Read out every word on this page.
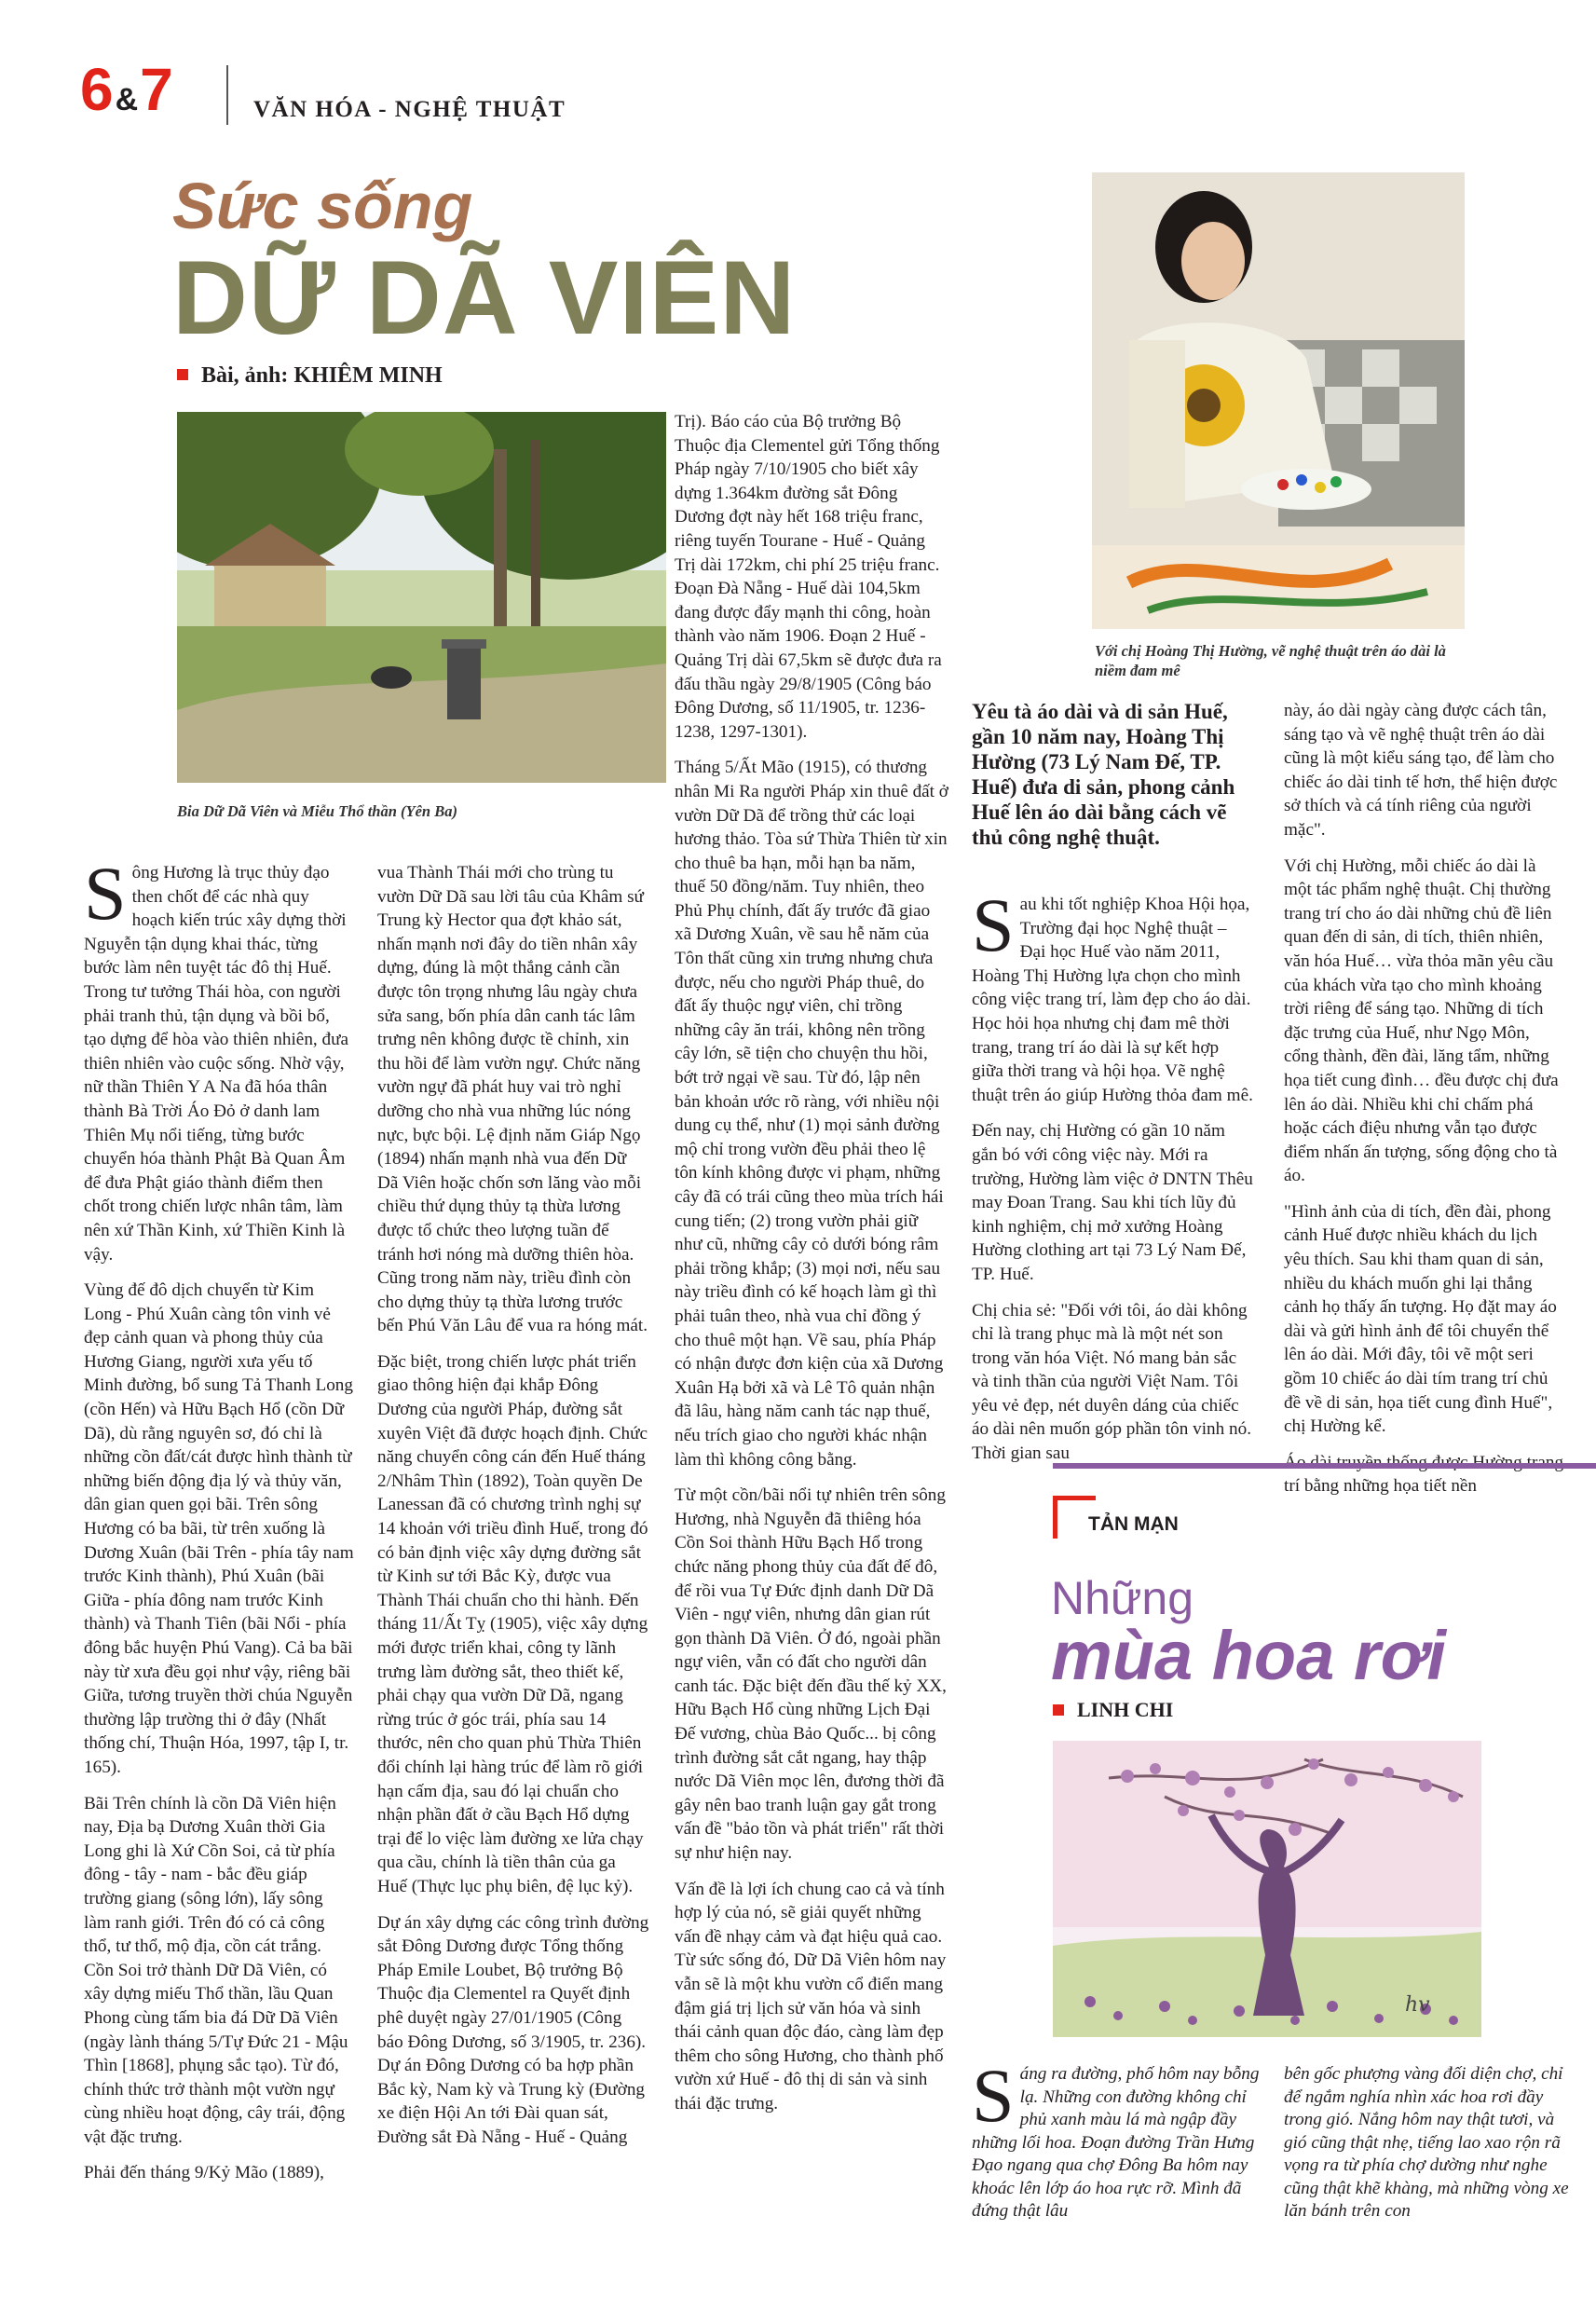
6&7	VĂN HÓA - NGHỆ THUẬT
Sức sống
DỮ DÃ VIÊN
Bài, ảnh: KHIÊM MINH
Bia Dữ Dã Viên và Miễu Thổ thần (Yên Ba)

Sông Hương là trục thủy đạo then chốt để các nhà quy hoạch kiến trúc xây dựng thời Nguyễn tận dụng khai thác, từng bước làm nên tuyệt tác đô thị Huế. Trong tư tưởng Thái hòa, con người phải tranh thủ, tận dụng và bồi bổ, tạo dựng để hòa vào thiên nhiên, đưa thiên nhiên vào cuộc sống. Nhờ vậy, nữ thần Thiên Y A Na đã hóa thân thành Bà Trời Áo Đỏ ở danh lam Thiên Mụ nổi tiếng, từng bước chuyển hóa thành Phật Bà Quan Âm để đưa Phật giáo thành điểm then chốt trong chiến lược nhân tâm, làm nên xứ Thần Kinh, xứ Thiền Kinh là vậy.

Vùng đế đô dịch chuyển từ Kim Long - Phú Xuân càng tôn vinh vẻ đẹp cảnh quan và phong thủy của Hương Giang, người xưa yếu tố Minh đường, bổ sung Tả Thanh Long (cồn Hến) và Hữu Bạch Hổ (cồn Dữ Dã), dù rằng nguyên sơ, đó chỉ là những cồn đất/cát được hình thành từ những biến động địa lý và thủy văn, dân gian quen gọi bãi. Trên sông Hương có ba bãi, từ trên xuống là Dương Xuân (bãi Trên - phía tây nam trước Kinh thành), Phú Xuân (bãi Giữa - phía đông nam trước Kinh thành) và Thanh Tiên (bãi Nổi - phía đông bắc huyện Phú Vang). Cả ba bãi này từ xưa đều gọi như vậy, riêng bãi Giữa, tương truyền thời chúa Nguyễn thường lập trường thi ở đây (Nhất thống chí, Thuận Hóa, 1997, tập I, tr. 165).

Bãi Trên chính là cồn Dã Viên hiện nay, Địa bạ Dương Xuân thời Gia Long ghi là Xứ Cồn Soi, cả từ phía đông - tây - nam - bắc đều giáp trường giang (sông lớn), lấy sông làm ranh giới. Trên đó có cả công thổ, tư thổ, mộ địa, cồn cát trắng. Cồn Soi trở thành Dữ Dã Viên, có xây dựng miếu Thổ thần, lầu Quan Phong cùng tấm bia đá Dữ Dã Viên (ngày lành tháng 5/Tự Đức 21 - Mậu Thìn [1868], phụng sắc tạo). Từ đó, chính thức trở thành một vườn ngự cùng nhiều hoạt động, cây trái, động vật đặc trưng.

Phải đến tháng 9/Kỷ Mão (1889),

vua Thành Thái mới cho trùng tu vườn Dữ Dã sau lời tâu của Khâm sứ Trung kỳ Hector qua đợt khảo sát, nhấn mạnh nơi đây do tiền nhân xây dựng, đúng là một thắng cảnh cần được tôn trọng nhưng lâu ngày chưa sửa sang, bốn phía dân canh tác lâm trưng nên không được tề chỉnh, xin thu hồi để làm vườn ngự. Chức năng vườn ngự đã phát huy vai trò nghỉ dưỡng cho nhà vua những lúc nóng nực, bực bội. Lệ định năm Giáp Ngọ (1894) nhấn mạnh nhà vua đến Dữ Dã Viên hoặc chốn sơn lăng vào mỗi chiều thứ dụng thủy tạ thừa lương được tổ chức theo lượng tuần để tránh hơi nóng mà dưỡng thiên hòa. Cũng trong năm này, triều đình còn cho dựng thủy tạ thừa lương trước bến Phú Văn Lâu để vua ra hóng mát.

Đặc biệt, trong chiến lược phát triển giao thông hiện đại khắp Đông Dương của người Pháp, đường sắt xuyên Việt đã được hoạch định. Chức năng chuyển công cán đến Huế tháng 2/Nhâm Thìn (1892), Toàn quyền De Lanessan đã có chương trình nghị sự 14 khoản với triều đình Huế, trong đó có bản định việc xây dựng đường sắt từ Kinh sư tới Bắc Kỳ, được vua Thành Thái chuẩn cho thi hành. Đến tháng 11/Ất Tỵ (1905), việc xây dựng mới được triển khai, công ty lãnh trưng làm đường sắt, theo thiết kế, phải chạy qua vườn Dữ Dã, ngang rừng trúc ở góc trái, phía sau 14 thước, nên cho quan phủ Thừa Thiên đổi chính lại hàng trúc để làm rõ giới hạn cấm địa, sau đó lại chuẩn cho nhận phần đất ở cầu Bạch Hổ dựng trại để lo việc làm đường xe lửa chạy qua cầu, chính là tiền thân của ga Huế (Thực lục phụ biên, đệ lục kỷ).

Dự án xây dựng các công trình đường sắt Đông Dương được Tổng thống Pháp Emile Loubet, Bộ trưởng Bộ Thuộc địa Clementel ra Quyết định phê duyệt ngày 27/01/1905 (Công báo Đông Dương, số 3/1905, tr. 236). Dự án Đông Dương có ba hợp phần Bắc kỳ, Nam kỳ và Trung kỳ (Đường xe điện Hội An tới Đài quan sát, Đường sắt Đà Nẵng - Huế - Quảng

Trị). Báo cáo của Bộ trưởng Bộ Thuộc địa Clementel gửi Tổng thống Pháp ngày 7/10/1905 cho biết xây dựng 1.364km đường sắt Đông Dương đợt này hết 168 triệu franc, riêng tuyến Tourane - Huế - Quảng Trị dài 172km, chi phí 25 triệu franc. Đoạn Đà Nẵng - Huế dài 104,5km đang được đẩy mạnh thi công, hoàn thành vào năm 1906. Đoạn 2 Huế - Quảng Trị dài 67,5km sẽ được đưa ra đấu thầu ngày 29/8/1905 (Công báo Đông Dương, số 11/1905, tr. 1236-1238, 1297-1301).

Tháng 5/Ất Mão (1915), có thương nhân Mi Ra người Pháp xin thuê đất ở vườn Dữ Dã để trồng thử các loại hương thảo. Tòa sứ Thừa Thiên từ xin cho thuê ba hạn, mỗi hạn ba năm, thuế 50 đồng/năm. Tuy nhiên, theo Phủ Phụ chính, đất ấy trước đã giao xã Dương Xuân, về sau hễ năm của Tôn thất cũng xin trưng nhưng chưa được, nếu cho người Pháp thuê, do đất ấy thuộc ngự viên, chỉ trồng những cây ăn trái, không nên trồng cây lớn, sẽ tiện cho chuyện thu hồi, bớt trở ngại về sau. Từ đó, lập nên bản khoản ước rõ ràng, với nhiều nội dung cụ thể, như (1) mọi sảnh đường mộ chỉ trong vườn đều phải theo lệ tôn kính không được vi phạm, những cây đã có trái cũng theo mùa trích hái cung tiến; (2) trong vườn phải giữ như cũ, những cây cỏ dưới bóng râm phải trồng khắp; (3) mọi nơi, nếu sau này triều đình có kế hoạch làm gì thì phải tuân theo, nhà vua chỉ đồng ý cho thuê một hạn. Về sau, phía Pháp có nhận được đơn kiện của xã Dương Xuân Hạ bởi xã và Lê Tô quản nhận đã lâu, hàng năm canh tác nạp thuế, nếu trích giao cho người khác nhận làm thì không công bằng.

Từ một cồn/bãi nổi tự nhiên trên sông Hương, nhà Nguyễn đã thiêng hóa Cồn Soi thành Hữu Bạch Hổ trong chức năng phong thủy của đất đế đô, để rồi vua Tự Đức định danh Dữ Dã Viên - ngự viên, nhưng dân gian rút gọn thành Dã Viên. Ở đó, ngoài phần ngự viên, vẫn có đất cho người dân canh tác. Đặc biệt đến đầu thế kỷ XX, Hữu Bạch Hổ cùng những Lịch Đại Đế vương, chùa Bảo Quốc... bị công trình đường sắt cắt ngang, hay thập nước Dã Viên mọc lên, đương thời đã gây nên bao tranh luận gay gắt trong vấn đề "bảo tồn và phát triển" rất thời sự như hiện nay.

Vấn đề là lợi ích chung cao cả và tính hợp lý của nó, sẽ giải quyết những vấn đề nhạy cảm và đạt hiệu quả cao. Từ sức sống đó, Dữ Dã Viên hôm nay vẫn sẽ là một khu vườn cổ điển mang đậm giá trị lịch sử văn hóa và sinh thái cảnh quan độc đáo, càng làm đẹp thêm cho sông Hương, cho thành phố vườn xứ Huế - đô thị di sản và sinh thái đặc trưng.

Với chị Hoàng Thị Hường, vẽ nghệ thuật trên áo dài là niềm đam mê
Yêu tà áo dài và di sản Huế, gần 10 năm nay, Hoàng Thị Hường (73 Lý Nam Đế, TP. Huế) đưa di sản, phong cảnh Huế lên áo dài bằng cách vẽ thủ công nghệ thuật.

Sau khi tốt nghiệp Khoa Hội họa, Trường đại học Nghệ thuật – Đại học Huế vào năm 2011, Hoàng Thị Hường lựa chọn cho mình công việc trang trí, làm đẹp cho áo dài. Học hỏi họa nhưng chị đam mê thời trang, trang trí áo dài là sự kết hợp giữa thời trang và hội họa. Vẽ nghệ thuật trên áo giúp Hường thỏa đam mê.

Đến nay, chị Hường có gần 10 năm gắn bó với công việc này. Mới ra trường, Hường làm việc ở DNTN Thêu may Đoan Trang. Sau khi tích lũy đủ kinh nghiệm, chị mở xưởng Hoàng Hường clothing art tại 73 Lý Nam Đế, TP. Huế.

Chị chia sẻ: "Đối với tôi, áo dài không chỉ là trang phục mà là một nét son trong văn hóa Việt. Nó mang bản sắc và tinh thần của người Việt Nam. Tôi yêu vẻ đẹp, nét duyên dáng của chiếc áo dài nên muốn góp phần tôn vinh nó. Thời gian sau

này, áo dài ngày càng được cách tân, sáng tạo và vẽ nghệ thuật trên áo dài cũng là một kiểu sáng tạo, để làm cho chiếc áo dài tinh tế hơn, thể hiện được sở thích và cá tính riêng của người mặc".

Với chị Hường, mỗi chiếc áo dài là một tác phẩm nghệ thuật. Chị thường trang trí cho áo dài những chủ đề liên quan đến di sản, di tích, thiên nhiên, văn hóa Huế… vừa thỏa mãn yêu cầu của khách vừa tạo cho mình khoảng trời riêng để sáng tạo. Những di tích đặc trưng của Huế, như Ngọ Môn, cổng thành, đền đài, lăng tẩm, những họa tiết cung đình… đều được chị đưa lên áo dài. Nhiều khi chỉ chấm phá hoặc cách điệu nhưng vẫn tạo được điểm nhấn ấn tượng, sống động cho tà áo.

"Hình ảnh của di tích, đền đài, phong cảnh Huế được nhiều khách du lịch yêu thích. Sau khi tham quan di sản, nhiều du khách muốn ghi lại thắng cảnh họ thấy ấn tượng. Họ đặt may áo dài và gửi hình ảnh để tôi chuyển thể lên áo dài. Mới đây, tôi vẽ một seri gồm 10 chiếc áo dài tím trang trí chủ đề về di sản, họa tiết cung đình Huế", chị Hường kể.

trí bằng những họa tiết nền

TẢN MẠN
Những
mùa hoa rơi
LINH CHI
hv

Sáng ra đường, phố hôm nay bỗng lạ. Những con đường không chỉ phủ xanh màu lá mà ngập đầy những lối hoa. Đoạn đường Trần Hưng Đạo ngang qua chợ Đông Ba hôm nay khoác lên lớp áo hoa rực rỡ. Mình đã đứng thật lâu

bên gốc phượng vàng đối diện chợ, chỉ để ngắm nghía nhìn xác hoa rơi đầy trong gió. Nắng hôm nay thật tươi, và gió cũng thật nhẹ, tiếng lao xao rộn rã vọng ra từ phía chợ dường như nghe cũng thật khẽ khàng, mà những vòng xe lăn bánh trên con
